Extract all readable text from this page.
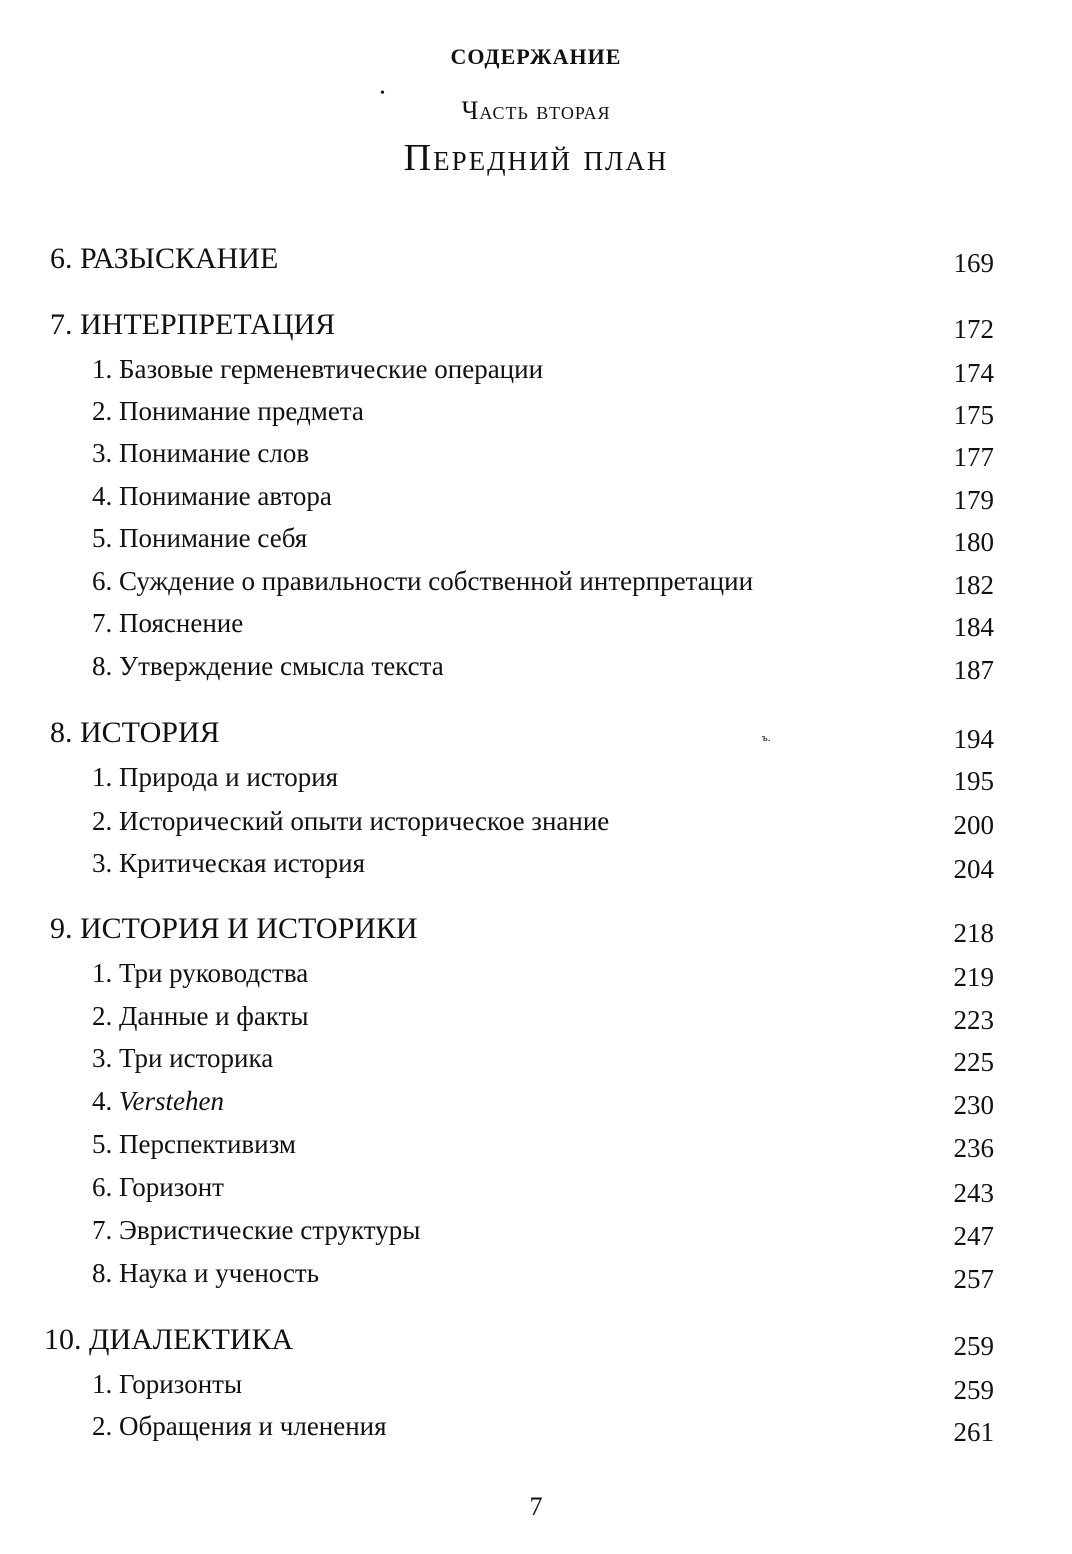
СОДЕРЖАНИЕ
•
Часть вторая
Передний план
6. РАЗЫСКАНИЕ	169
7. ИНТЕРПРЕТАЦИЯ	172
1. Базовые герменевтические операции	174
2. Понимание предмета	175
3. Понимание слов	177
4. Понимание автора	179
5. Понимание себя	180
6. Суждение о правильности собственной интерпретации	182
7. Пояснение	184
8. Утверждение смысла текста	187
8. ИСТОРИЯ	194
ъ.
1. Природа и история	195
2. Исторический опыти историческое знание	200
3. Критическая история	204
9. ИСТОРИЯ И ИСТОРИКИ	218
1. Три руководства	219
2. Данные и факты	223
3. Три историка	225
4. Verstehen	230
5. Перспективизм	236
6. Горизонт	243
7. Эвристические структуры	247
8. Наука и ученость	257
10. ДИАЛЕКТИКА	259
1. Горизонты	259
2. Обращения и членения	261
7
